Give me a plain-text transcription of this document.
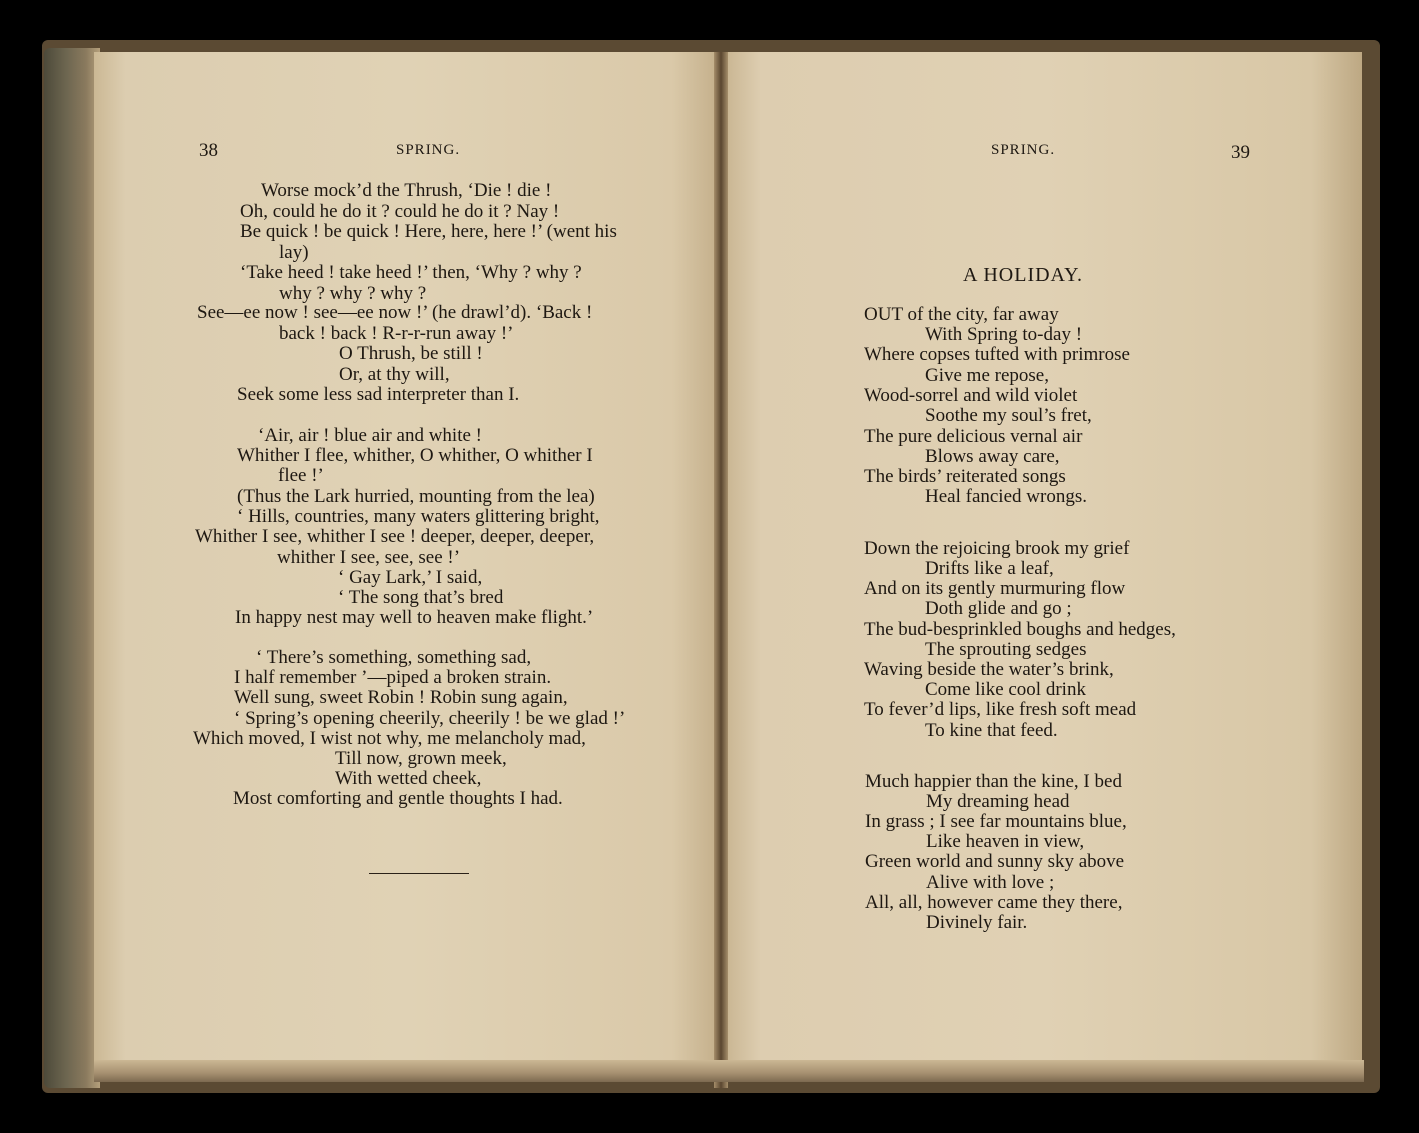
38	SPRING.
Worse mock’d the Thrush, ‘Die ! die !
Oh, could he do it ? could he do it ? Nay !
Be quick ! be quick ! Here, here, here !’ (went his
lay)
‘Take heed ! take heed !’ then, ‘Why ? why ?
why ? why ? why ?
See—ee now ! see—ee now !’ (he drawl’d). ‘Back !
back ! back ! R-r-r-run away !’
O Thrush, be still !
Or, at thy will,
Seek some less sad interpreter than I.
‘Air, air ! blue air and white !
Whither I flee, whither, O whither, O whither I
flee !’
(Thus the Lark hurried, mounting from the lea)
‘ Hills, countries, many waters glittering bright,
Whither I see, whither I see ! deeper, deeper, deeper,
whither I see, see, see !’
‘ Gay Lark,’ I said,
‘ The song that’s bred
In happy nest may well to heaven make flight.’
‘ There’s something, something sad,
I half remember ’—piped a broken strain.
Well sung, sweet Robin ! Robin sung again,
‘ Spring’s opening cheerily, cheerily ! be we glad !’
Which moved, I wist not why, me melancholy mad,
Till now, grown meek,
With wetted cheek,
Most comforting and gentle thoughts I had.
SPRING.	39
A HOLIDAY.
OUT of the city, far away
With Spring to-day !
Where copses tufted with primrose
Give me repose,
Wood-sorrel and wild violet
Soothe my soul’s fret,
The pure delicious vernal air
Blows away care,
The birds’ reiterated songs
Heal fancied wrongs.
Down the rejoicing brook my grief
Drifts like a leaf,
And on its gently murmuring flow
Doth glide and go ;
The bud-besprinkled boughs and hedges,
The sprouting sedges
Waving beside the water’s brink,
Come like cool drink
To fever’d lips, like fresh soft mead
To kine that feed.
Much happier than the kine, I bed
My dreaming head
In grass ; I see far mountains blue,
Like heaven in view,
Green world and sunny sky above
Alive with love ;
All, all, however came they there,
Divinely fair.
